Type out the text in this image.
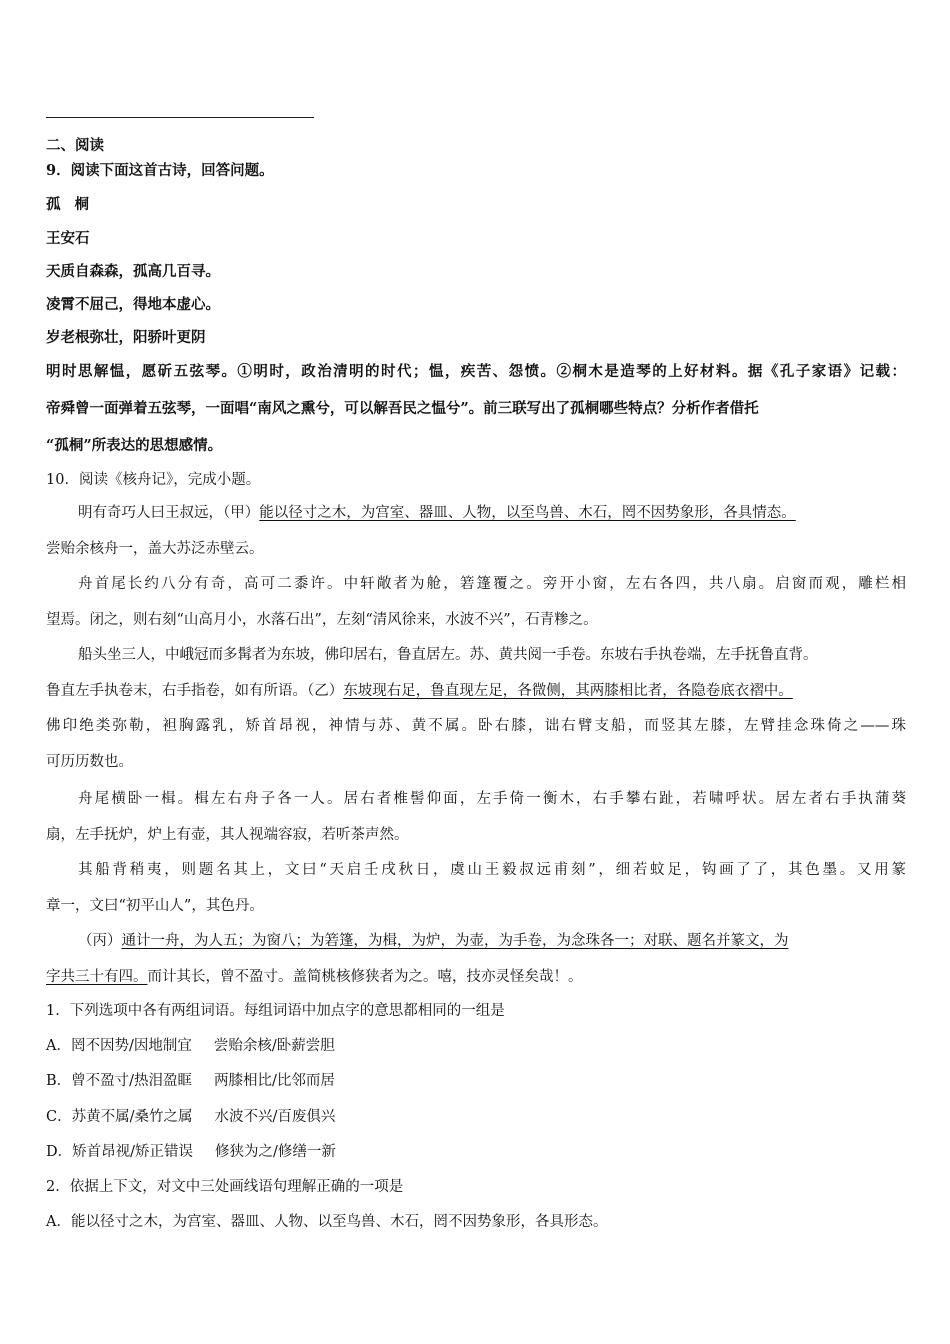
二、阅读
9．阅读下面这首古诗，回答问题。
孤 桐
王安石
天质自森森，孤高几百寻。
凌霄不屈己，得地本虚心。
岁老根弥壮，阳骄叶更阴
明时思解愠，愿斫五弦琴。①明时，政治清明的时代；愠，疾苦、怨愤。②桐木是造琴的上好材料。据《孔子家语》记载：
帝舜曾一面弹着五弦琴，一面唱“南风之熏兮，可以解吾民之愠兮”。前三联写出了孤桐哪些特点？分析作者借托
“孤桐”所表达的思想感情。
10．阅读《核舟记》，完成小题。
明有奇巧人曰王叔远，（甲）能以径寸之木，为宫室、器皿、人物，以至鸟兽、木石，罔不因势象形，各具情态。
尝贻余核舟一，盖大苏泛赤壁云。
舟首尾长约八分有奇，高可二黍许。中轩敞者为舱，箬篷覆之。旁开小窗，左右各四，共八扇。启窗而观，雕栏相
望焉。闭之，则右刻“山高月小，水落石出”，左刻“清风徐来，水波不兴”，石青糁之。
船头坐三人，中峨冠而多髯者为东坡，佛印居右，鲁直居左。苏、黄共阅一手卷。东坡右手执卷端，左手抚鲁直背。
鲁直左手执卷末，右手指卷，如有所语。（乙）东坡现右足，鲁直现左足，各微侧，其两膝相比者，各隐卷底衣褶中。
佛印绝类弥勒，袒胸露乳，矫首昂视，神情与苏、黄不属。卧右膝，诎右臂支船，而竖其左膝，左臂挂念珠倚之——珠
可历历数也。
舟尾横卧一楫。楫左右舟子各一人。居右者椎髻仰面，左手倚一衡木，右手攀右趾，若啸呼状。居左者右手执蒲葵
扇，左手抚炉，炉上有壶，其人视端容寂，若听茶声然。
其船背稍夷，则题名其上，文曰“天启壬戌秋日，虞山王毅叔远甫刻”，细若蚊足，钩画了了，其色墨。又用篆
章一，文曰“初平山人”，其色丹。
（丙）通计一舟，为人五；为窗八；为箬篷，为楫，为炉，为壶，为手卷，为念珠各一；对联、题名并篆文，为
字共三十有四。而计其长，曾不盈寸。盖简桃核修狭者为之。嘻，技亦灵怪矣哉！。
1．下列选项中各有两组词语。每组词语中加点字的意思都相同的一组是
A．罔不因势/因地制宜 尝贻余核/卧薪尝胆
B．曾不盈寸/热泪盈眶 两膝相比/比邻而居
C．苏黄不属/桑竹之属 水波不兴/百废俱兴
D．矫首昂视/矫正错误 修狭为之/修缮一新
2．依据上下文，对文中三处画线语句理解正确的一项是
A．能以径寸之木，为宫室、器皿、人物、以至鸟兽、木石，罔不因势象形，各具形态。
